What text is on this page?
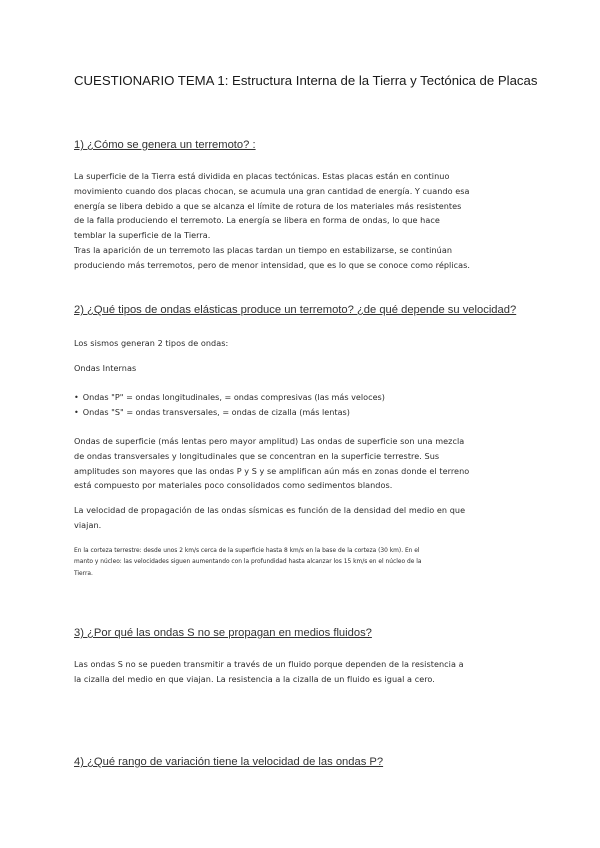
CUESTIONARIO TEMA 1: Estructura Interna de la Tierra y Tectónica de Placas
1) ¿Cómo se genera un terremoto? :
La superficie de la Tierra está dividida en placas tectónicas. Estas placas están en continuo
movimiento cuando dos placas chocan, se acumula una gran cantidad de energía. Y cuando esa
energía se libera debido a que se alcanza el límite de rotura de los materiales más resistentes
de la falla produciendo el terremoto. La energía se libera en forma de ondas, lo que hace
temblar la superficie de la Tierra.
Tras la aparición de un terremoto las placas tardan un tiempo en estabilizarse, se continúan
produciendo más terremotos, pero de menor intensidad, que es lo que se conoce como réplicas.
2) ¿Qué tipos de ondas elásticas produce un terremoto? ¿de qué depende su velocidad?
Los sismos generan 2 tipos de ondas:
Ondas Internas
• Ondas "P" = ondas longitudinales, = ondas compresivas (las más veloces)
• Ondas "S" = ondas transversales, = ondas de cizalla (más lentas)
Ondas de superficie (más lentas pero mayor amplitud) Las ondas de superficie son una mezcla
de ondas transversales y longitudinales que se concentran en la superficie terrestre. Sus
amplitudes son mayores que las ondas P y S y se amplifican aún más en zonas donde el terreno
está compuesto por materiales poco consolidados como sedimentos blandos.
La velocidad de propagación de las ondas sísmicas es función de la densidad del medio en que
viajan.
En la corteza terrestre: desde unos 2 km/s cerca de la superficie hasta 8 km/s en la base de la corteza (30 km). En el
manto y núcleo: las velocidades siguen aumentando con la profundidad hasta alcanzar los 15 km/s en el núcleo de la
Tierra.
3) ¿Por qué las ondas S no se propagan en medios fluidos?
Las ondas S no se pueden transmitir a través de un fluido porque dependen de la resistencia a
la cizalla del medio en que viajan. La resistencia a la cizalla de un fluido es igual a cero.
4) ¿Qué rango de variación tiene la velocidad de las ondas P?
